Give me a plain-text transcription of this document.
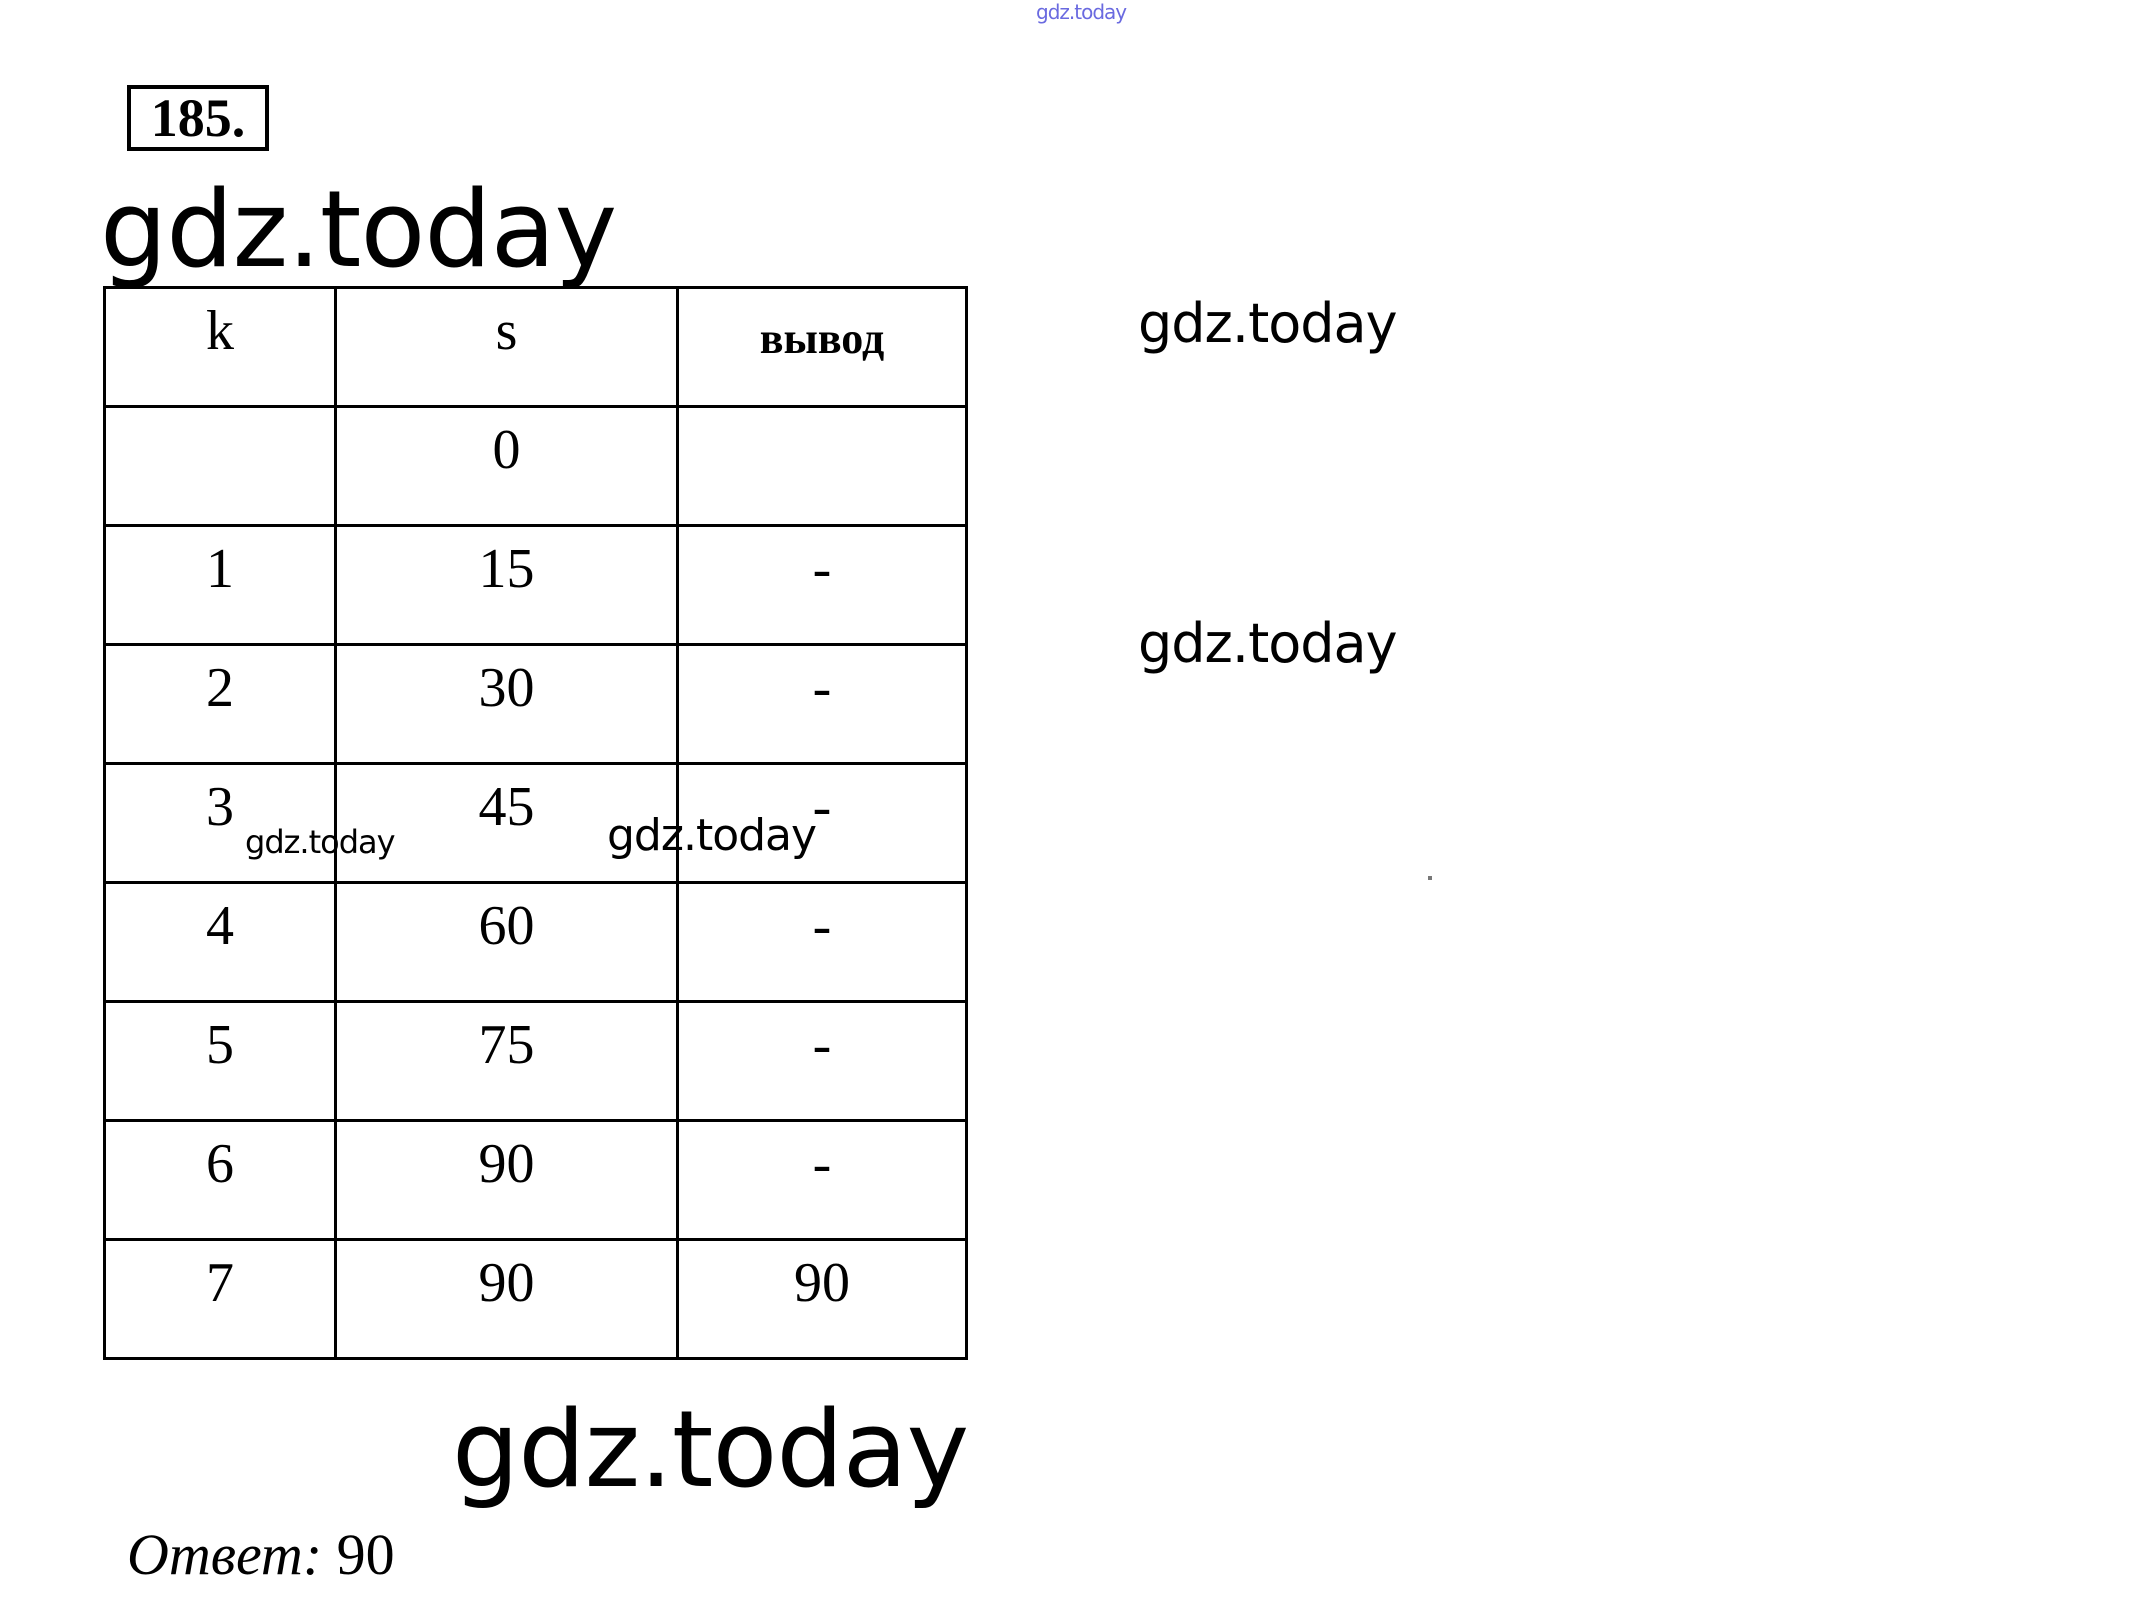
gdz.today
185.
gdz.today
gdz.today
gdz.today
k	s	вывод
	0	
1	15	-
2	30	-
3	45	-
4	60	-
5	75	-
6	90	-
7	90	90
gdz.today	gdz.today
gdz.today
Ответ: 90
